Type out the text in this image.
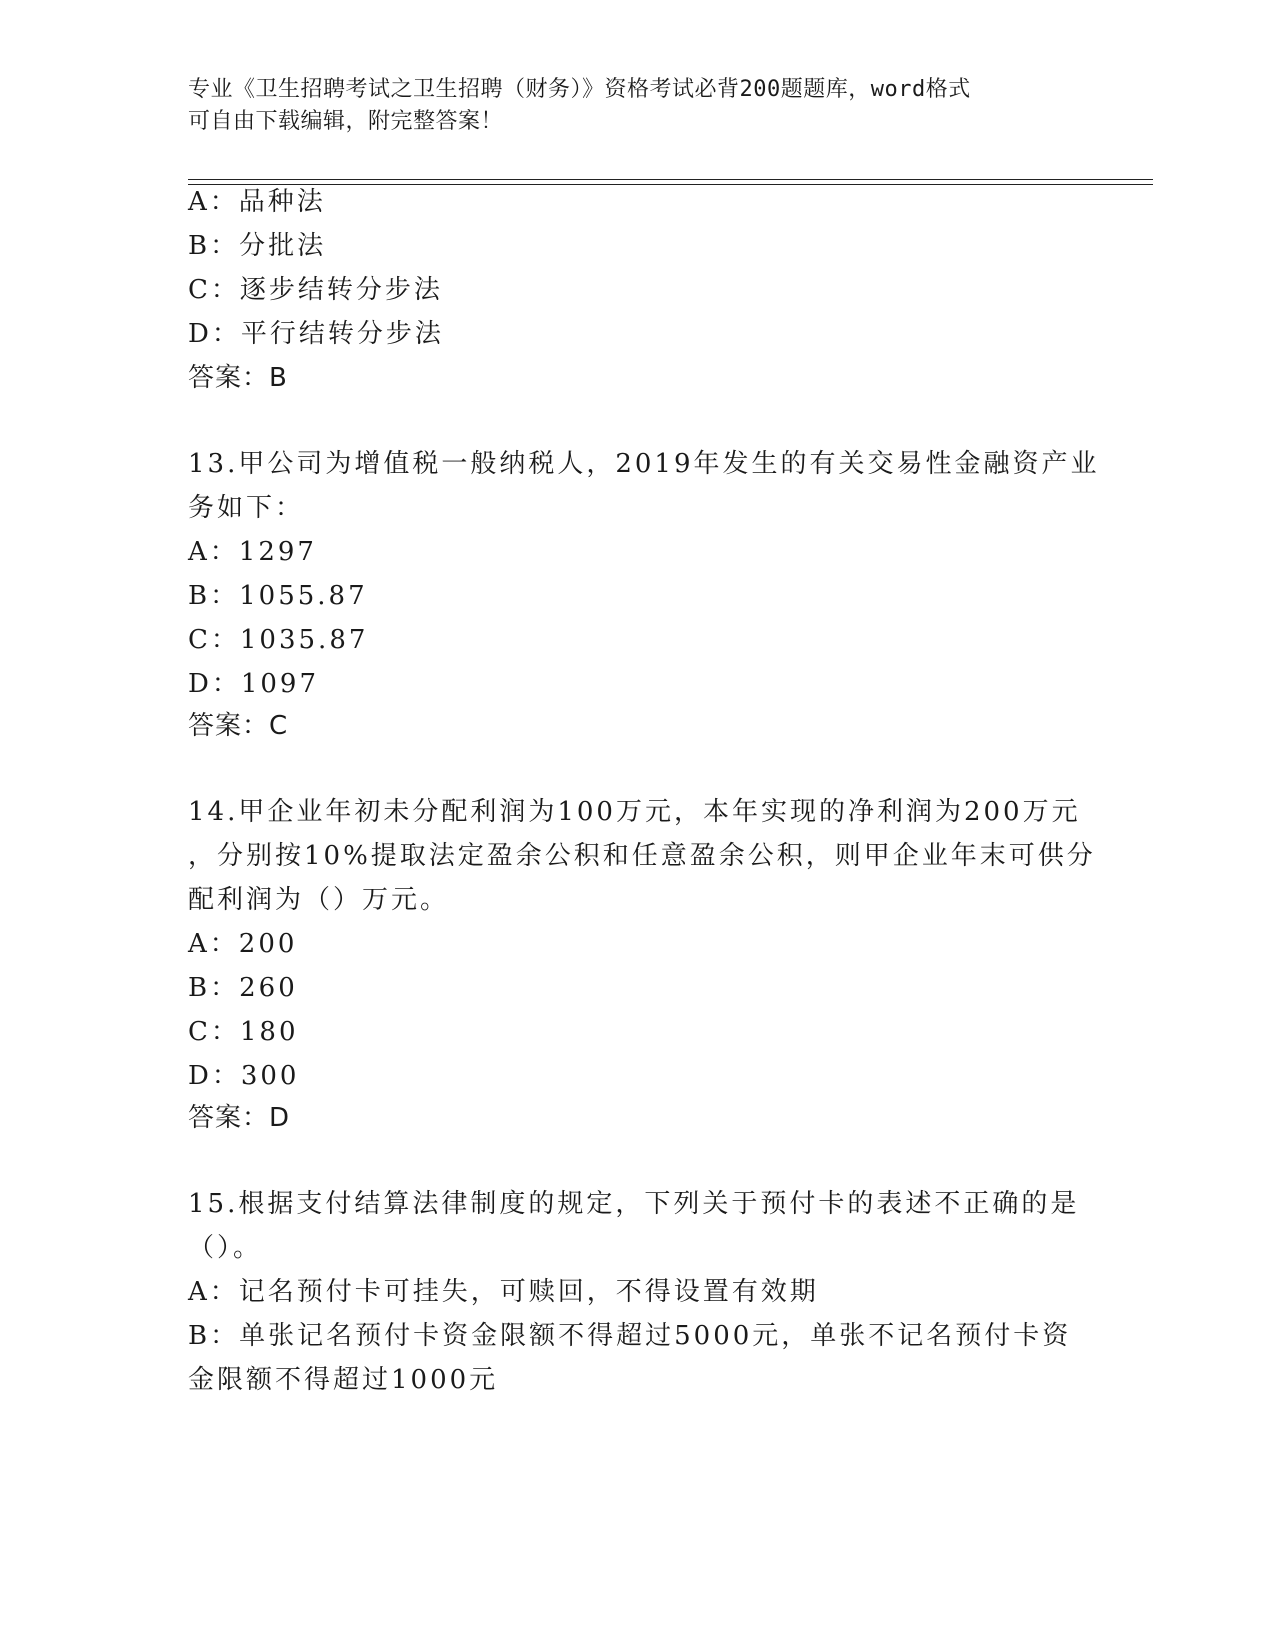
专业《卫生招聘考试之卫生招聘（财务）》资格考试必背200题题库，word格式
可自由下载编辑，附完整答案！
A：品种法
B：分批法
C：逐步结转分步法
D：平行结转分步法
答案：B
13.甲公司为增值税一般纳税人，2019年发生的有关交易性金融资产业
务如下：
A：1297
B：1055.87
C：1035.87
D：1097
答案：C
14.甲企业年初未分配利润为100万元，本年实现的净利润为200万元
，分别按10%提取法定盈余公积和任意盈余公积，则甲企业年末可供分
配利润为（）万元。
A：200
B：260
C：180
D：300
答案：D
15.根据支付结算法律制度的规定，下列关于预付卡的表述不正确的是
（）。
A：记名预付卡可挂失，可赎回，不得设置有效期
B：单张记名预付卡资金限额不得超过5000元，单张不记名预付卡资
金限额不得超过1000元
